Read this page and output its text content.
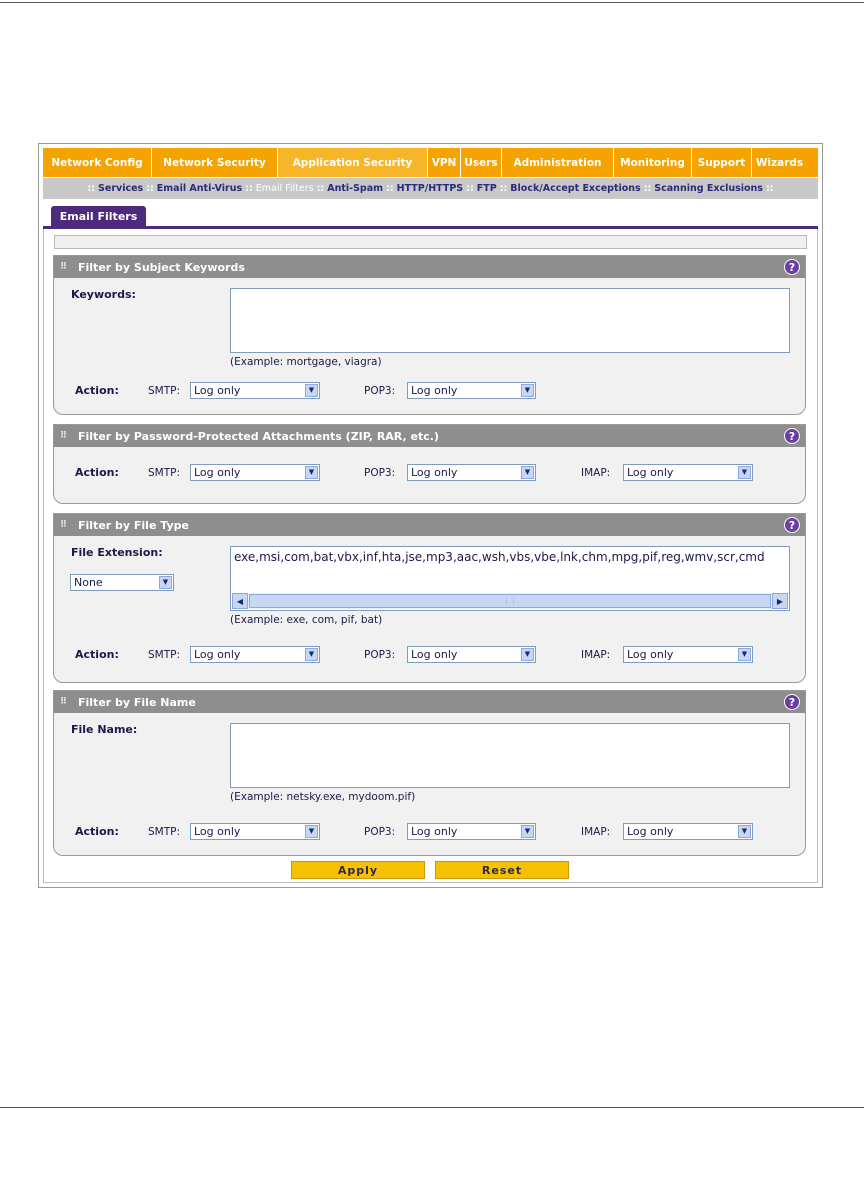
Network Config	Network Security	Application Security	VPN Users	Administration	Monitoring	Support	Wizards
:: Services :: Email Anti-Virus :: Email Filters :: Anti-Spam :: HTTP/HTTPS :: FTP :: Block/Accept Exceptions :: Scanning Exclusions ::
Email Filters
⠿	Filter by Subject Keywords	?
Keywords:
(Example: mortgage, viagra)
Action:	SMTP:	Log only	▼	POP3:	Log only	▼
⠿	Filter by Password-Protected Attachments (ZIP, RAR, etc.)	?
Action:	SMTP:	Log only	▼	POP3:	Log only	▼	IMAP:	Log only	▼
⠿	Filter by File Type	?
File Extension:
None	▼
exe,msi,com,bat,vbx,inf,hta,jse,mp3,aac,wsh,vbs,vbe,lnk,chm,mpg,pif,reg,wmv,scr,cmd
◀	⋮⋮	▶
(Example: exe, com, pif, bat)
Action:	SMTP:	Log only	▼	POP3:	Log only	▼	IMAP:	Log only	▼
⠿	Filter by File Name	?
File Name:
(Example: netsky.exe, mydoom.pif)
Action:	SMTP:	Log only	▼	POP3:	Log only	▼	IMAP:	Log only	▼
Apply	Reset
